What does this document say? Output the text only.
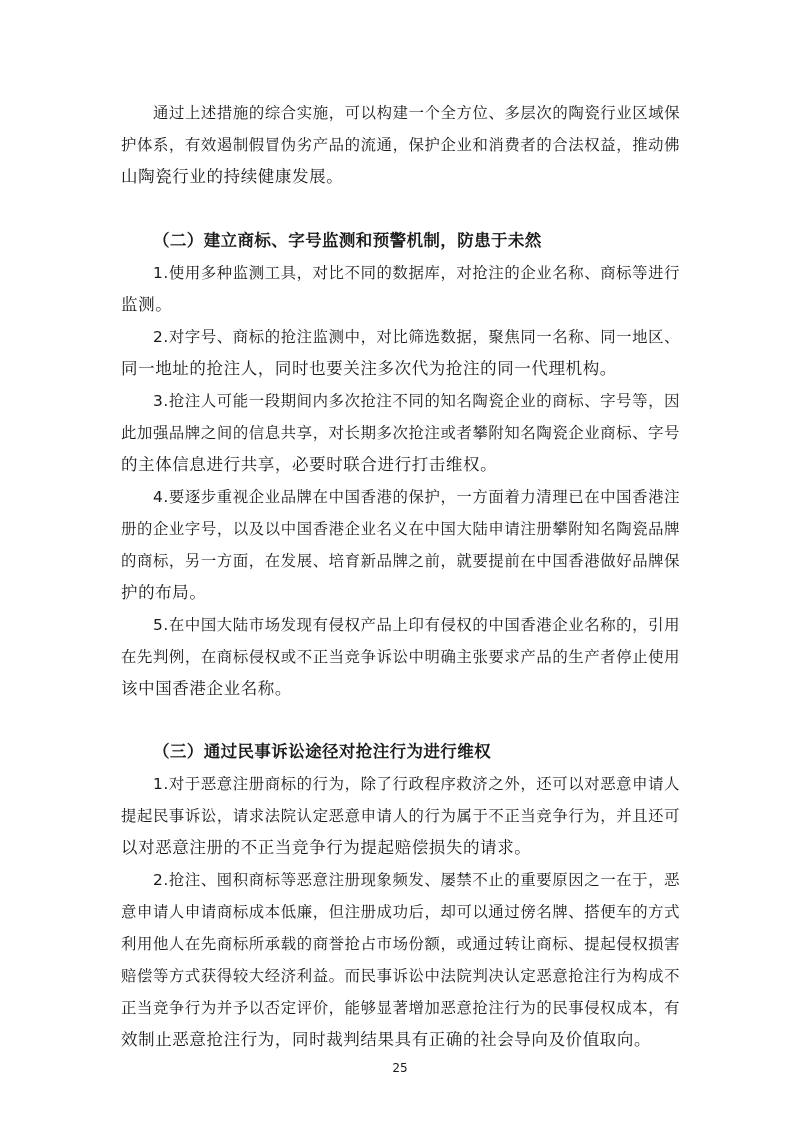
通过上述措施的综合实施，可以构建一个全方位、多层次的陶瓷行业区域保
护体系，有效遏制假冒伪劣产品的流通，保护企业和消费者的合法权益，推动佛
山陶瓷行业的持续健康发展。
（二）建立商标、字号监测和预警机制，防患于未然
1.使用多种监测工具，对比不同的数据库，对抢注的企业名称、商标等进行
监测。
2.对字号、商标的抢注监测中，对比筛选数据，聚焦同一名称、同一地区、
同一地址的抢注人，同时也要关注多次代为抢注的同一代理机构。
3.抢注人可能一段期间内多次抢注不同的知名陶瓷企业的商标、字号等，因
此加强品牌之间的信息共享，对长期多次抢注或者攀附知名陶瓷企业商标、字号
的主体信息进行共享，必要时联合进行打击维权。
4.要逐步重视企业品牌在中国香港的保护，一方面着力清理已在中国香港注
册的企业字号，以及以中国香港企业名义在中国大陆申请注册攀附知名陶瓷品牌
的商标，另一方面，在发展、培育新品牌之前，就要提前在中国香港做好品牌保
护的布局。
5.在中国大陆市场发现有侵权产品上印有侵权的中国香港企业名称的，引用
在先判例，在商标侵权或不正当竞争诉讼中明确主张要求产品的生产者停止使用
该中国香港企业名称。
（三）通过民事诉讼途径对抢注行为进行维权
1.对于恶意注册商标的行为，除了行政程序救济之外，还可以对恶意申请人
提起民事诉讼，请求法院认定恶意申请人的行为属于不正当竞争行为，并且还可
以对恶意注册的不正当竞争行为提起赔偿损失的请求。
2.抢注、囤积商标等恶意注册现象频发、屡禁不止的重要原因之一在于，恶
意申请人申请商标成本低廉，但注册成功后，却可以通过傍名牌、搭便车的方式
利用他人在先商标所承载的商誉抢占市场份额，或通过转让商标、提起侵权损害
赔偿等方式获得较大经济利益。而民事诉讼中法院判决认定恶意抢注行为构成不
正当竞争行为并予以否定评价，能够显著增加恶意抢注行为的民事侵权成本，有
效制止恶意抢注行为，同时裁判结果具有正确的社会导向及价值取向。
25
